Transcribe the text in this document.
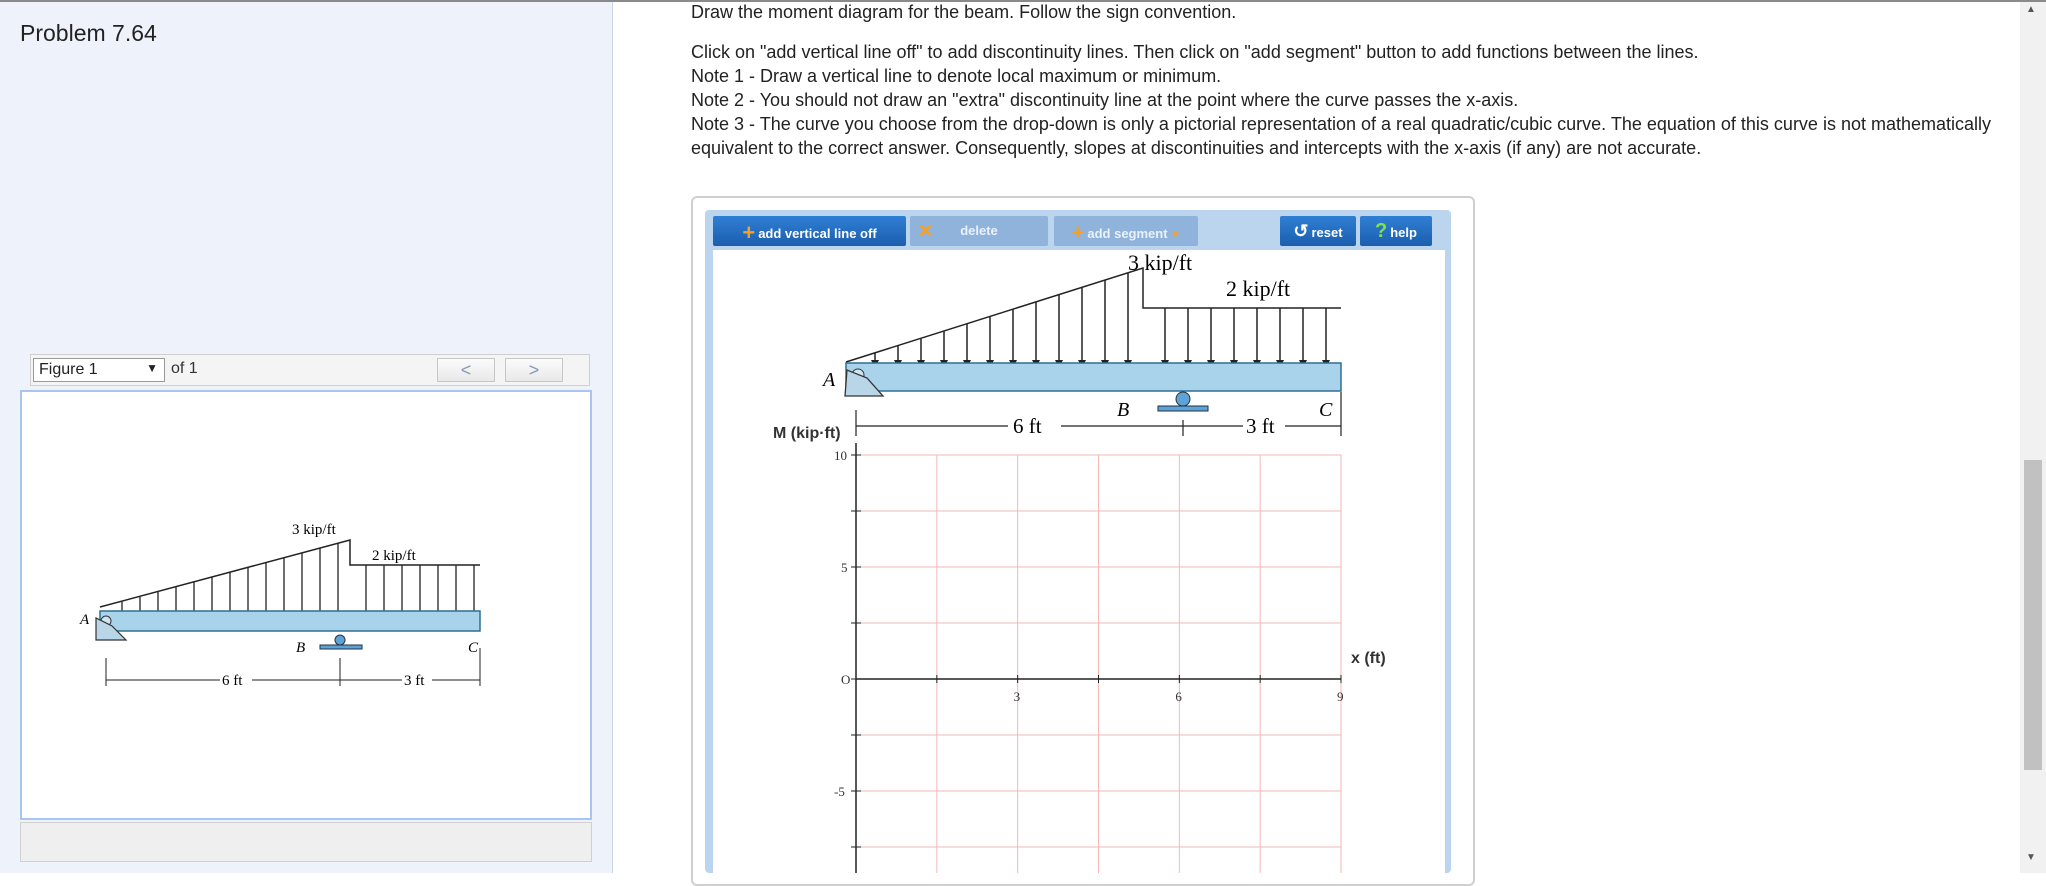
Problem 7.64
Figure 1	▼ of 1	<	>
A
B	C
3 kip/ft
2 kip/ft
6 ft	3 ft
Draw the moment diagram for the beam. Follow the sign convention.

Click on "add vertical line off" to add discontinuity lines. Then click on "add segment" button to add functions between the lines.

Note 1 - Draw a vertical line to denote local maximum or minimum.

Note 2 - You should not draw an "extra" discontinuity line at the point where the curve passes the x-axis.

Note 3 - The curve you choose from the drop-down is only a pictorial representation of a real quadratic/cubic curve. The equation of this curve is not mathematically equivalent to the correct answer. Consequently, slopes at discontinuities and intercepts with the x-axis (if any) are not accurate.

+ add vertical line off	✕ delete	+ add segment ▼	↺ reset	? help
A
B	C
3 kip/ft
2 kip/ft
6 ft	3 ft
M (kip·ft)
x (ft)
3	6	9
10
5
O
-5
▲
▼
